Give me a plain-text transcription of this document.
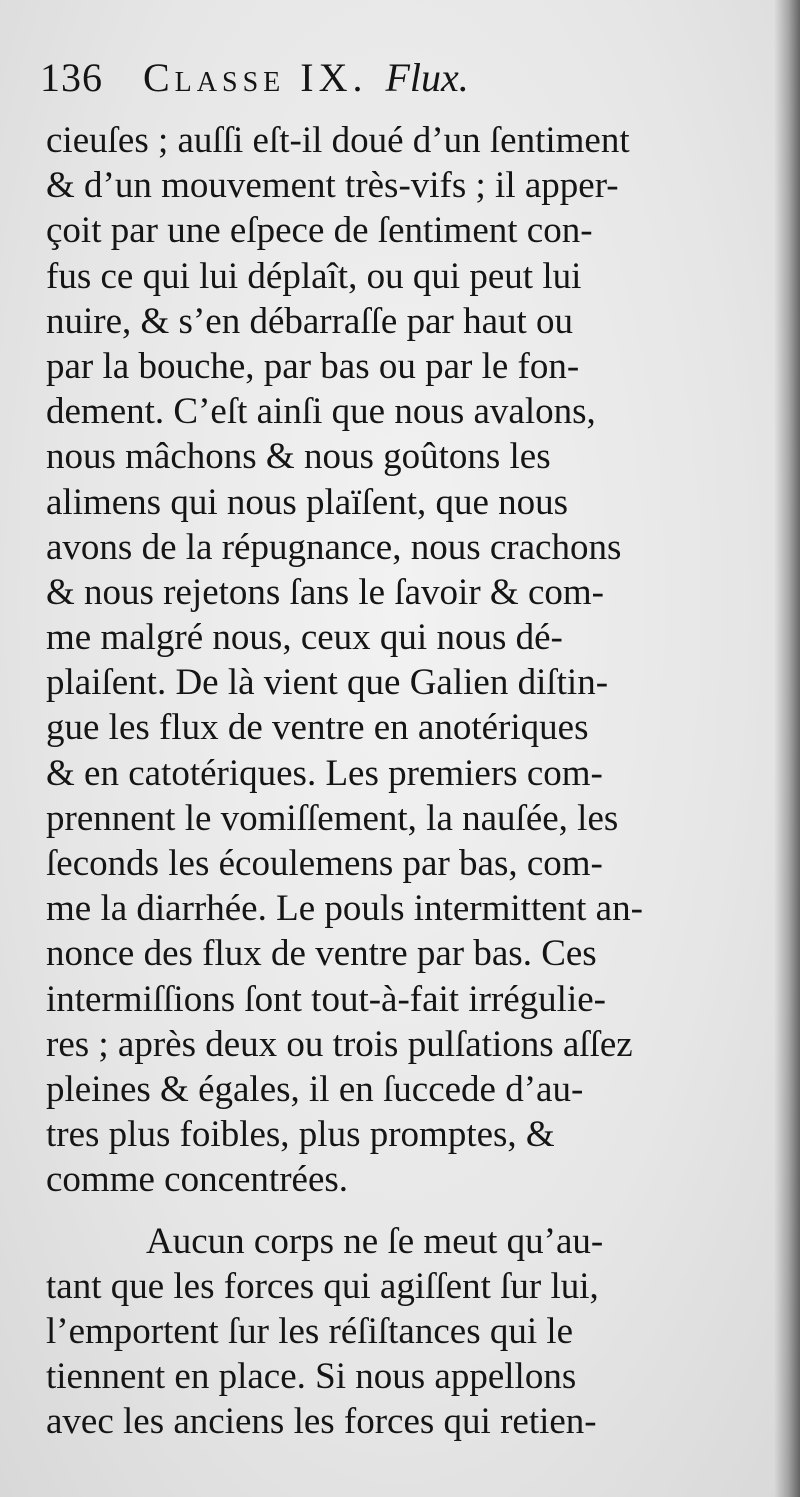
136 Classe IX. Flux.
cieuſes ; auſſi eſt-il doué d’un ſentiment
& d’un mouvement très-vifs ; il apper-
çoit par une eſpece de ſentiment con-
fus ce qui lui déplaît, ou qui peut lui
nuire, & s’en débarraſſe par haut ou
par la bouche, par bas ou par le fon-
dement. C’eſt ainſi que nous avalons,
nous mâchons & nous goûtons les
alimens qui nous plaïſent, que nous
avons de la répugnance, nous crachons
& nous rejetons ſans le ſavoir & com-
me malgré nous, ceux qui nous dé-
plaiſent. De là vient que Galien diſtin-
gue les flux de ventre en anotériques
& en catotériques. Les premiers com-
prennent le vomiſſement, la nauſée, les
ſeconds les écoulemens par bas, com-
me la diarrhée. Le pouls intermittent an-
nonce des flux de ventre par bas. Ces
intermiſſions ſont tout-à-fait irrégulie-
res ; après deux ou trois pulſations aſſez
pleines & égales, il en ſuccede d’au-
tres plus foibles, plus promptes, &
comme concentrées.
Aucun corps ne ſe meut qu’au-
tant que les forces qui agiſſent ſur lui,
l’emportent ſur les réſiſtances qui le
tiennent en place. Si nous appellons
avec les anciens les forces qui retien-
